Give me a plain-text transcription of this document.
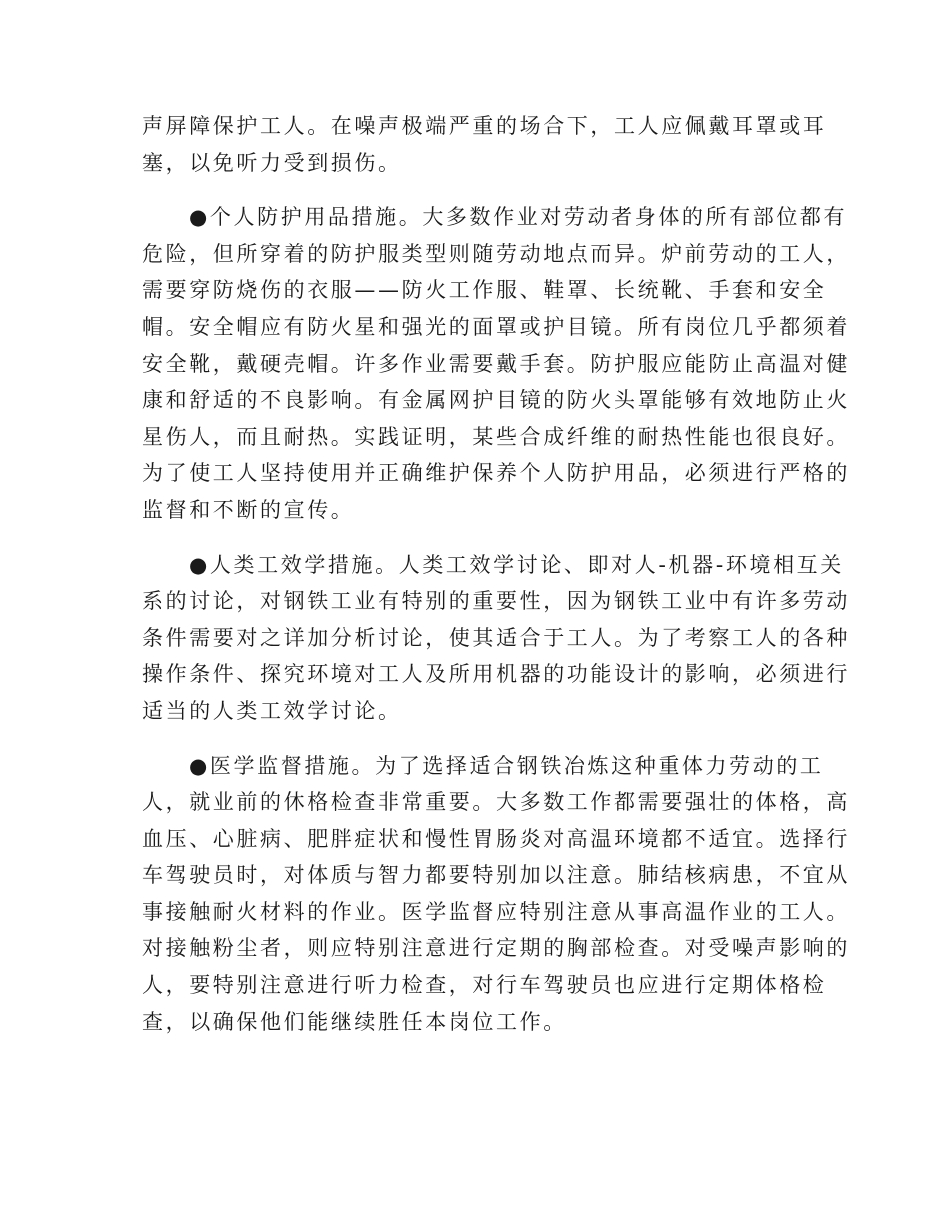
声屏障保护工人。在噪声极端严重的场合下，工人应佩戴耳罩或耳
塞，以免听力受到损伤。

●个人防护用品措施。大多数作业对劳动者身体的所有部位都有
危险，但所穿着的防护服类型则随劳动地点而异。炉前劳动的工人，
需要穿防烧伤的衣服——防火工作服、鞋罩、长统靴、手套和安全
帽。安全帽应有防火星和强光的面罩或护目镜。所有岗位几乎都须着
安全靴，戴硬壳帽。许多作业需要戴手套。防护服应能防止高温对健
康和舒适的不良影响。有金属网护目镜的防火头罩能够有效地防止火
星伤人，而且耐热。实践证明，某些合成纤维的耐热性能也很良好。
为了使工人坚持使用并正确维护保养个人防护用品，必须进行严格的
监督和不断的宣传。

●人类工效学措施。人类工效学讨论、即对人-机器-环境相互关
系的讨论，对钢铁工业有特别的重要性，因为钢铁工业中有许多劳动
条件需要对之详加分析讨论，使其适合于工人。为了考察工人的各种
操作条件、探究环境对工人及所用机器的功能设计的影响，必须进行
适当的人类工效学讨论。

●医学监督措施。为了选择适合钢铁冶炼这种重体力劳动的工
人，就业前的休格检查非常重要。大多数工作都需要强壮的体格，高
血压、心脏病、肥胖症状和慢性胃肠炎对高温环境都不适宜。选择行
车驾驶员时，对体质与智力都要特别加以注意。肺结核病患，不宜从
事接触耐火材料的作业。医学监督应特别注意从事高温作业的工人。
对接触粉尘者，则应特别注意进行定期的胸部检查。对受噪声影响的
人，要特别注意进行听力检查，对行车驾驶员也应进行定期体格检
查，以确保他们能继续胜任本岗位工作。
